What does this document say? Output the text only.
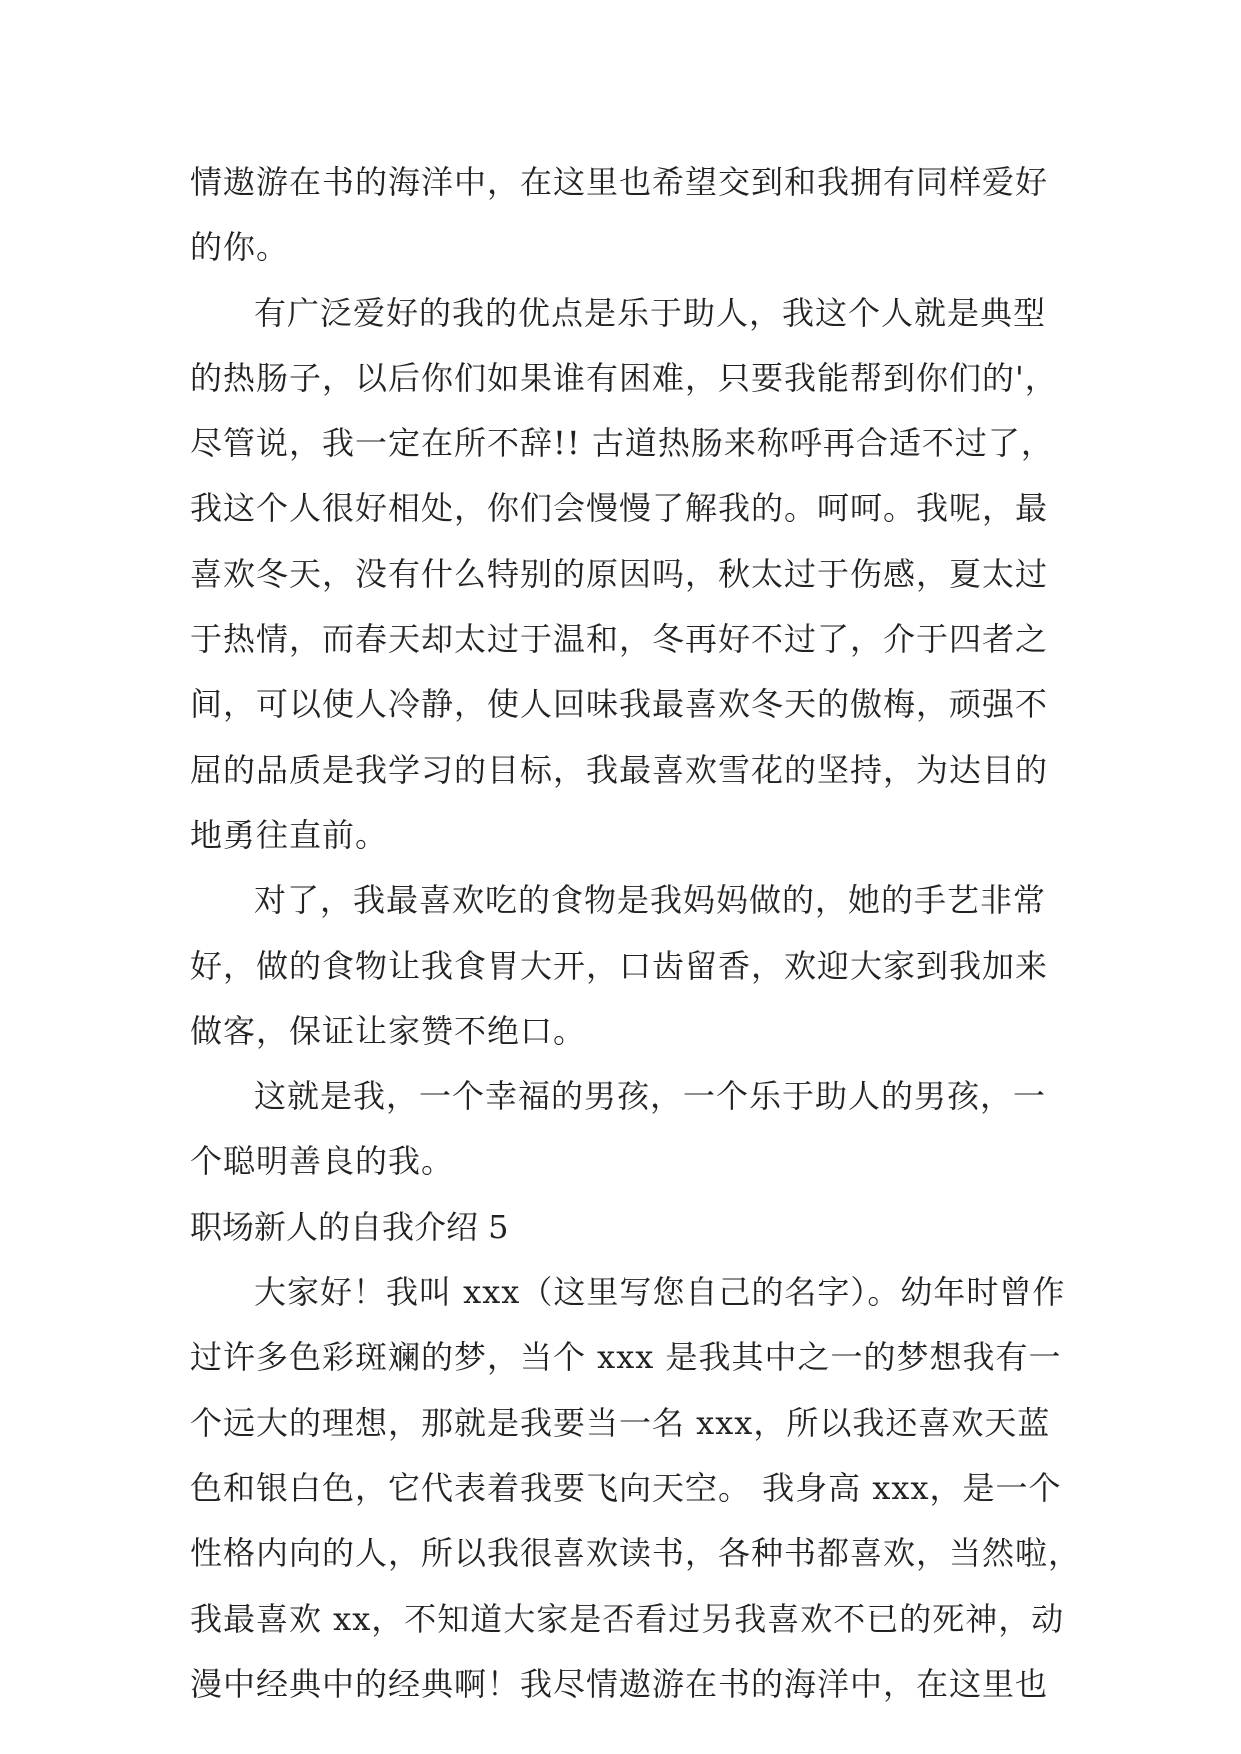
情遨游在书的海洋中，在这里也希望交到和我拥有同样爱好
的你。
有广泛爱好的我的优点是乐于助人，我这个人就是典型
的热肠子，以后你们如果谁有困难，只要我能帮到你们的'，
尽管说，我一定在所不辞!! 古道热肠来称呼再合适不过了，
我这个人很好相处，你们会慢慢了解我的。呵呵。我呢，最
喜欢冬天，没有什么特别的原因吗，秋太过于伤感，夏太过
于热情，而春天却太过于温和，冬再好不过了，介于四者之
间，可以使人冷静，使人回味我最喜欢冬天的傲梅，顽强不
屈的品质是我学习的目标，我最喜欢雪花的坚持，为达目的
地勇往直前。
对了，我最喜欢吃的食物是我妈妈做的，她的手艺非常
好，做的食物让我食胃大开，口齿留香，欢迎大家到我加来
做客，保证让家赞不绝口。
这就是我，一个幸福的男孩，一个乐于助人的男孩，一
个聪明善良的我。
职场新人的自我介绍 5
大家好！我叫 xxx（这里写您自己的名字）。幼年时曾作
过许多色彩斑斓的梦，当个 xxx 是我其中之一的梦想我有一
个远大的理想，那就是我要当一名 xxx，所以我还喜欢天蓝
色和银白色，它代表着我要飞向天空。 我身高 xxx，是一个
性格内向的人，所以我很喜欢读书，各种书都喜欢，当然啦，
我最喜欢 xx，不知道大家是否看过另我喜欢不已的死神，动
漫中经典中的经典啊！我尽情遨游在书的海洋中，在这里也
